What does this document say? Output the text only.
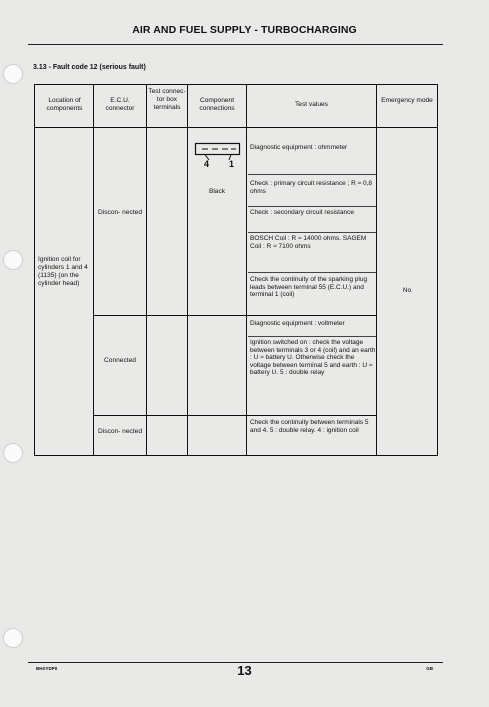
AIR AND FUEL SUPPLY - TURBOCHARGING
3.13 - Fault code 12 (serious fault)
Location of components
E.C.U. connector
Test connec- tor box terminals
Component connections
Test values
Emergency mode
Ignition coil for cylinders 1 and 4 (1135) (on the cylinder head)
No
Discon- nected
Connected
Discon- nected
Black
Diagnostic equipment : ohmmeter
Check : primary circuit resistance ; R ≈ 0,8 ohms
Check : secondary circuit resistance
BOSCH Coil : R ≈ 14000 ohms. SAGEM Coil : R ≈ 7100 ohms
Check the continuity of the sparking plug leads between terminal 55 (E.C.U.) and terminal 1 (coil)
Diagnostic equipment : voltmeter
Ignition switched on : check the voltage between terminals 3 or 4 (coil) and an earth : U ≈ battery U. Otherwise check the voltage between terminal 5 and earth : U ≈ battery U. 5 : double relay
Check the continuity between terminals 5 and 4. 5 : double relay. 4 : ignition coil
4 1
BHXYDP0	13	GB
